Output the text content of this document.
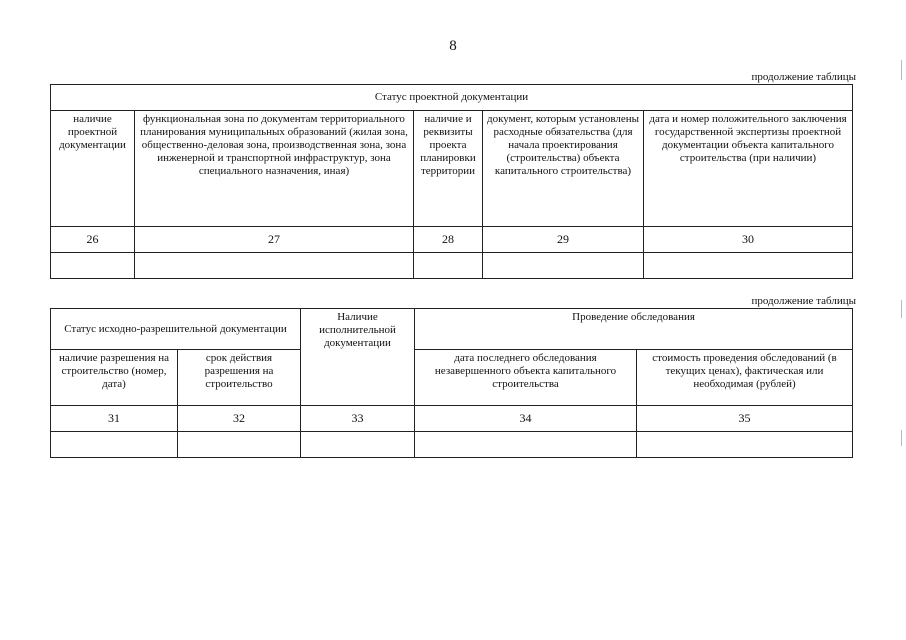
8
продолжение таблицы
Статус проектной документации				
наличие проектной документации	функциональная зона по документам территориального планирования муниципальных образований (жилая зона, общественно-деловая зона, производственная зона, зона инженерной и транспортной инфраструктур, зона специального назначения, иная)	наличие и реквизиты проекта планировки территории	документ, которым установлены расходные обязательства (для начала проектирования (строительства) объекта капитального строительства)	дата и номер положительного заключения государственной экспертизы проектной документации объекта капитального строительства (при наличии)
26	27	28	29	30

продолжение таблицы
Статус исходно-разрешительной документации		Наличие исполнительной документации	Проведение обследования	
наличие разрешения на строительство (номер, дата)	срок действия разрешения на строительство		дата последнего обследования незавершенного объекта капитального строительства	стоимость проведения обследований (в текущих ценах), фактическая или необходимая (рублей)
31	32	33	34	35
